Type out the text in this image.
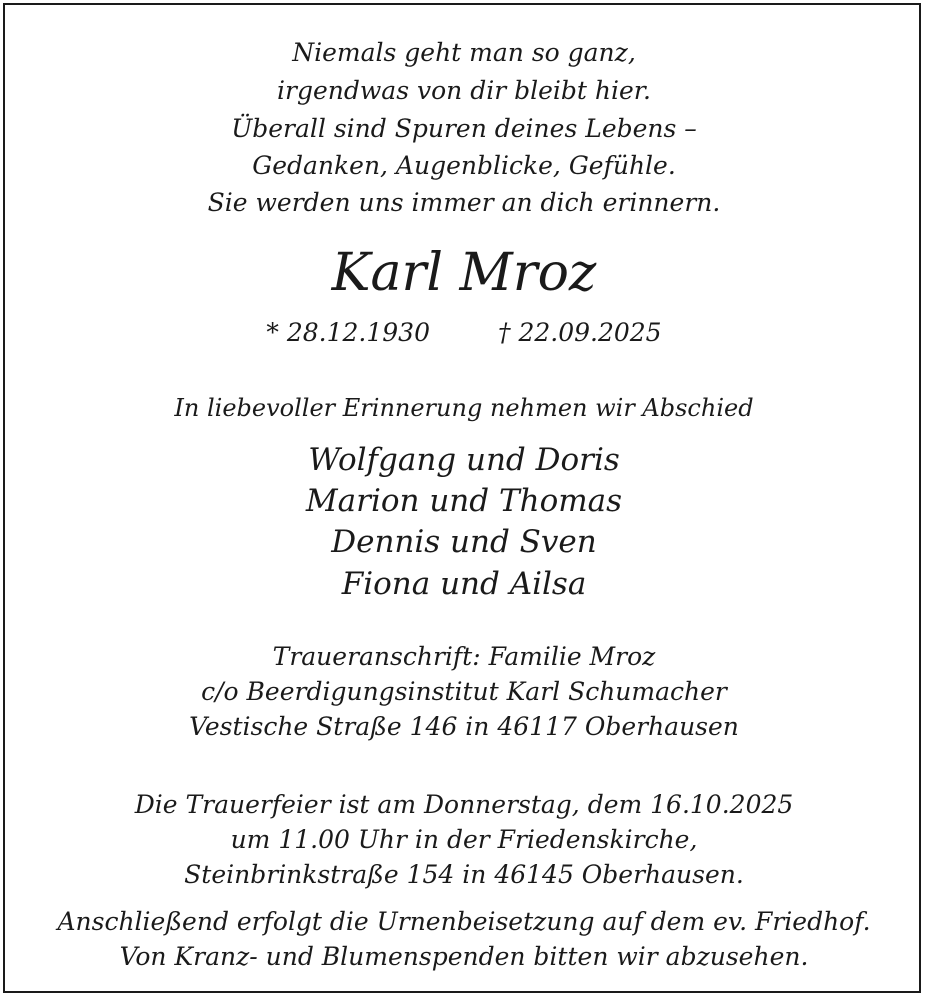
Niemals geht man so ganz,
irgendwas von dir bleibt hier.
Überall sind Spuren deines Lebens –
Gedanken, Augenblicke, Gefühle.
Sie werden uns immer an dich erinnern.
Karl Mroz
* 28.12.1930	† 22.09.2025
In liebevoller Erinnerung nehmen wir Abschied
Wolfgang und Doris
Marion und Thomas
Dennis und Sven
Fiona und Ailsa
Traueranschrift: Familie Mroz
c/o Beerdigungsinstitut Karl Schumacher
Vestische Straße 146 in 46117 Oberhausen
Die Trauerfeier ist am Donnerstag, dem 16.10.2025
um 11.00 Uhr in der Friedenskirche,
Steinbrinkstraße 154 in 46145 Oberhausen.
Anschließend erfolgt die Urnenbeisetzung auf dem ev. Friedhof.
Von Kranz- und Blumenspenden bitten wir abzusehen.
